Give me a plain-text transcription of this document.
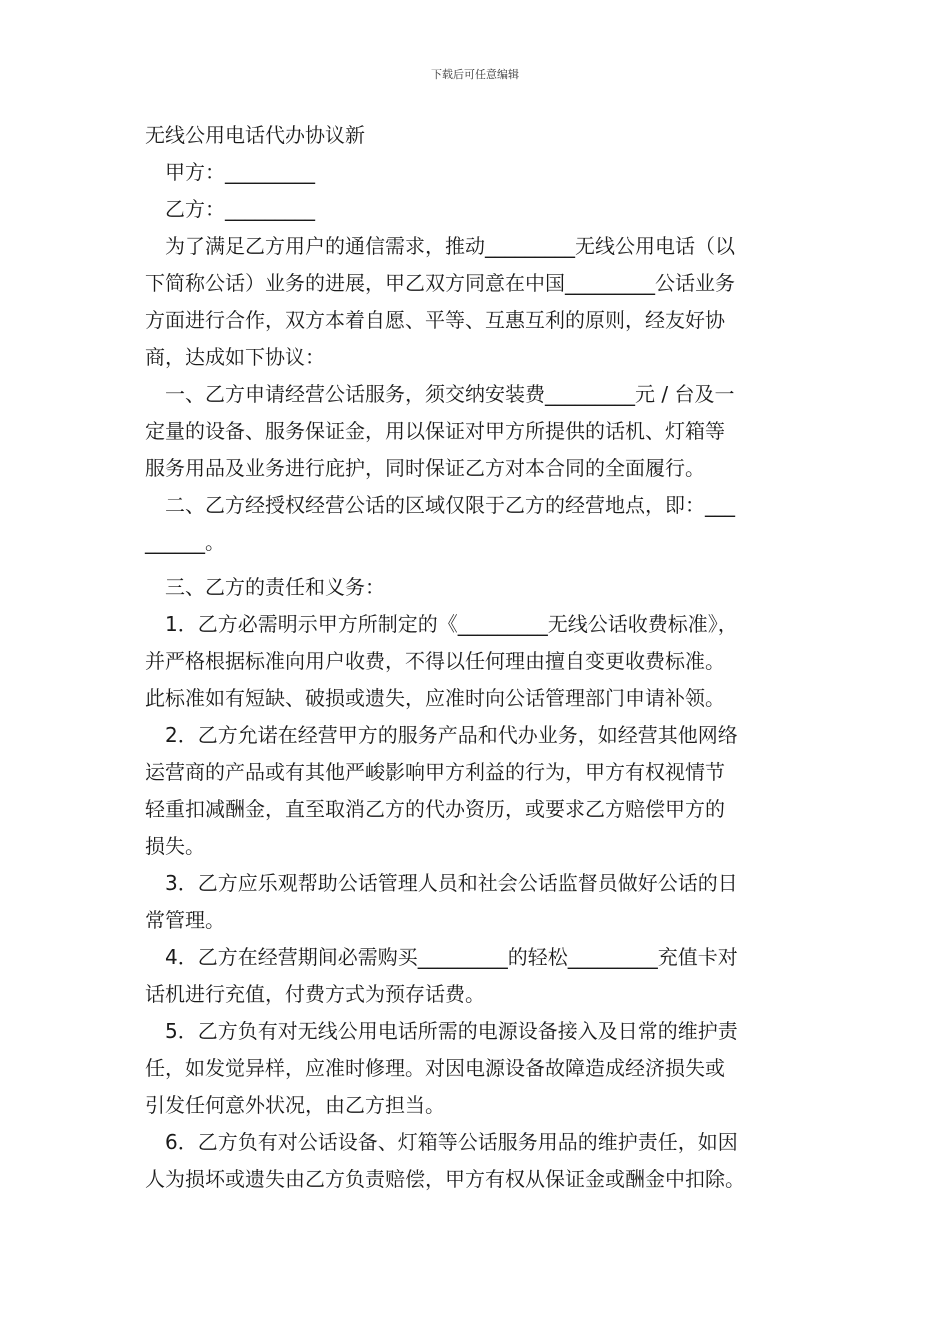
下载后可任意编辑
无线公用电话代办协议新
甲方：_________
乙方：_________
为了满足乙方用户的通信需求，推动_________无线公用电话（以
下简称公话）业务的进展，甲乙双方同意在中国_________公话业务
方面进行合作，双方本着自愿、平等、互惠互利的原则，经友好协
商，达成如下协议：
一、乙方申请经营公话服务，须交纳安装费_________元 / 台及一
定量的设备、服务保证金，用以保证对甲方所提供的话机、灯箱等
服务用品及业务进行庇护，同时保证乙方对本合同的全面履行。
二、乙方经授权经营公话的区域仅限于乙方的经营地点，即：___
______。
三、乙方的责任和义务：
1．乙方必需明示甲方所制定的《_________无线公话收费标准》，
并严格根据标准向用户收费，不得以任何理由擅自变更收费标准。
此标准如有短缺、破损或遗失，应准时向公话管理部门申请补领。
2．乙方允诺在经营甲方的服务产品和代办业务，如经营其他网络
运营商的产品或有其他严峻影响甲方利益的行为，甲方有权视情节
轻重扣减酬金，直至取消乙方的代办资历，或要求乙方赔偿甲方的
损失。
3．乙方应乐观帮助公话管理人员和社会公话监督员做好公话的日
常管理。
4．乙方在经营期间必需购买_________的轻松_________充值卡对
话机进行充值，付费方式为预存话费。
5．乙方负有对无线公用电话所需的电源设备接入及日常的维护责
任，如发觉异样，应准时修理。对因电源设备故障造成经济损失或
引发任何意外状况，由乙方担当。
6．乙方负有对公话设备、灯箱等公话服务用品的维护责任，如因
人为损坏或遗失由乙方负责赔偿，甲方有权从保证金或酬金中扣除。
